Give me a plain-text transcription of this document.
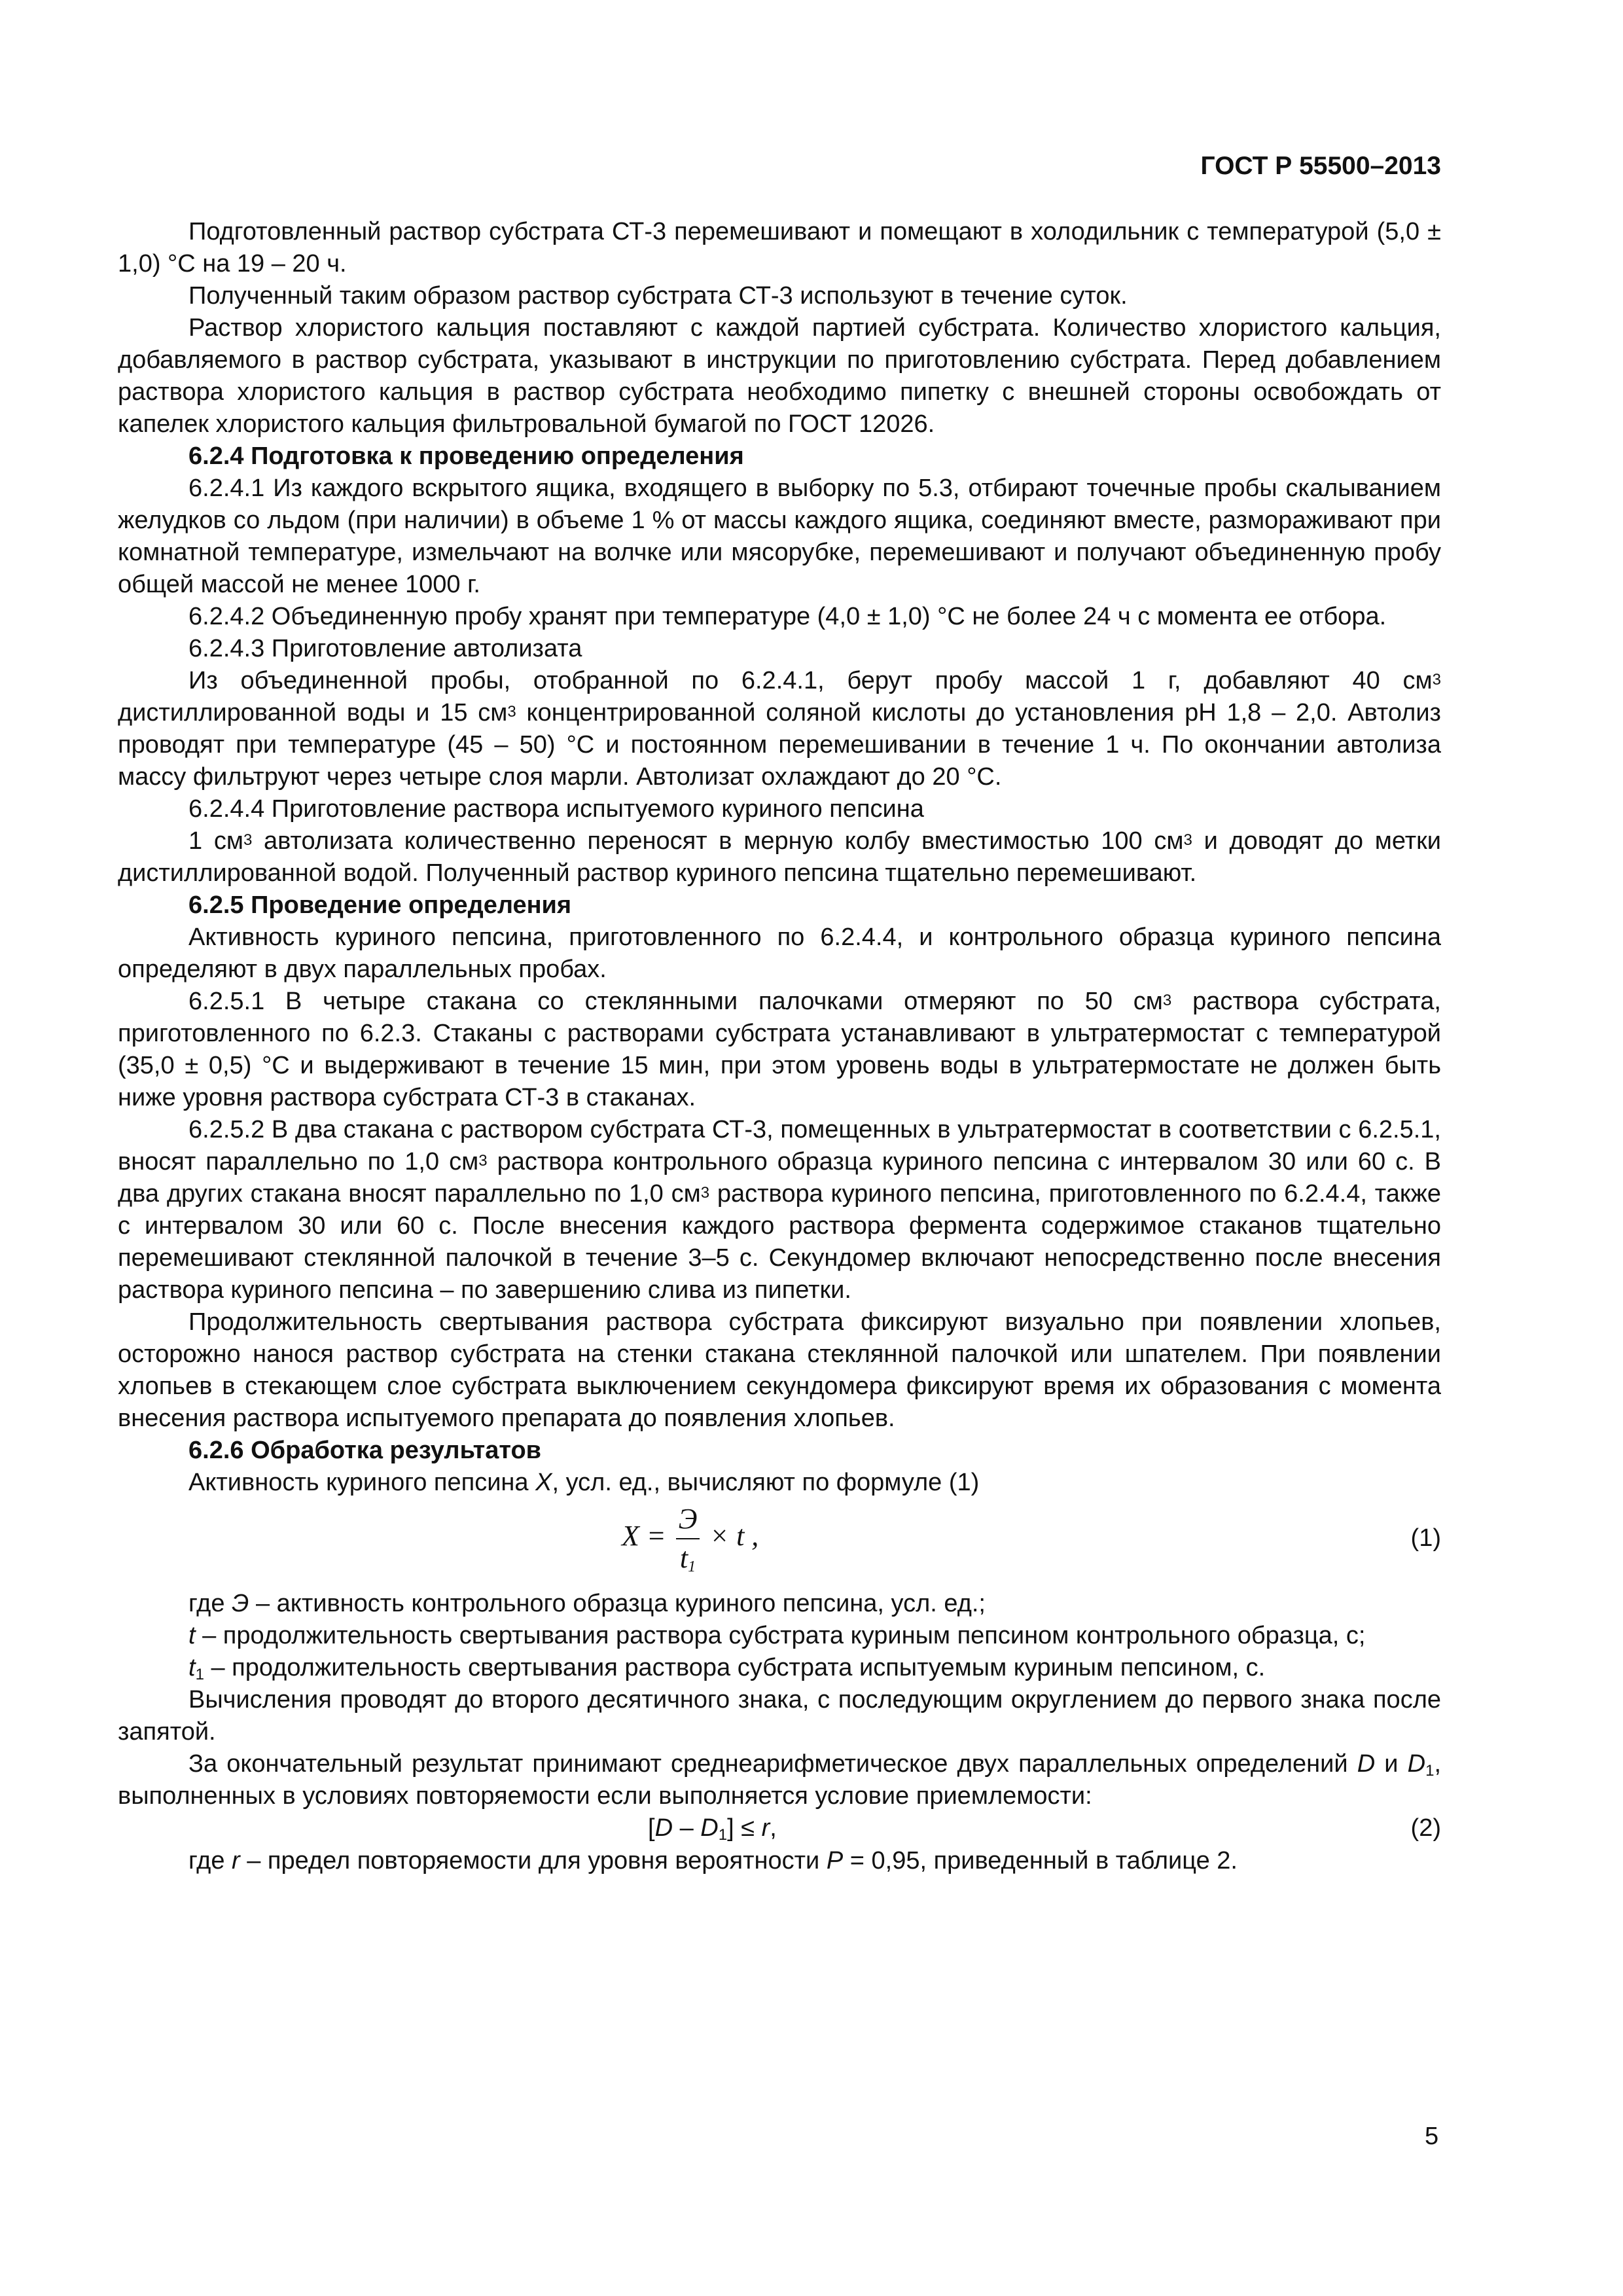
ГОСТ Р 55500–2013

Подготовленный раствор субстрата СТ-3 перемешивают и помещают в холодильник с температурой (5,0 ± 1,0) °С на 19 – 20 ч.

Полученный таким образом раствор субстрата СТ-3 используют в течение суток.

Раствор хлористого кальция поставляют с каждой партией субстрата. Количество хлористого кальция, добавляемого в раствор субстрата, указывают в инструкции по приготовлению субстрата. Перед добавлением раствора хлористого кальция в раствор субстрата необходимо пипетку с внешней стороны освобождать от капелек хлористого кальция фильтровальной бумагой по ГОСТ 12026.

6.2.4 Подготовка к проведению определения

6.2.4.1 Из каждого вскрытого ящика, входящего в выборку по 5.3, отбирают точечные пробы скалыванием желудков со льдом (при наличии) в объеме 1 % от массы каждого ящика, соединяют вместе, размораживают при комнатной температуре, измельчают на волчке или мясорубке, перемешивают и получают объединенную пробу общей массой не менее 1000 г.

6.2.4.2 Объединенную пробу хранят при температуре (4,0 ± 1,0) °С не более 24 ч с момента ее отбора.

6.2.4.3 Приготовление автолизата

Из объединенной пробы, отобранной по 6.2.4.1, берут пробу массой 1 г, добавляют 40 $см^3$ дистиллированной воды и 15 $см^3$ концентрированной соляной кислоты до установления pH 1,8 – 2,0. Автолиз проводят при температуре (45 – 50) °С и постоянном перемешивании в течение 1 ч. По окончании автолиза массу фильтруют через четыре слоя марли. Автолизат охлаждают до 20 °С.

6.2.4.4 Приготовление раствора испытуемого куриного пепсина

1 $см^3$ автолизата количественно переносят в мерную колбу вместимостью 100 $см^3$ и доводят до метки дистиллированной водой. Полученный раствор куриного пепсина тщательно перемешивают.

6.2.5 Проведение определения

Активность куриного пепсина, приготовленного по 6.2.4.4, и контрольного образца куриного пепсина определяют в двух параллельных пробах.

6.2.5.1 В четыре стакана со стеклянными палочками отмеряют по 50 $см^3$ раствора субстрата, приготовленного по 6.2.3. Стаканы с растворами субстрата устанавливают в ультратермостат с температурой (35,0 ± 0,5) °С и выдерживают в течение 15 мин, при этом уровень воды в ультратермостате не должен быть ниже уровня раствора субстрата СТ-3 в стаканах.

6.2.5.2 В два стакана с раствором субстрата СТ-3, помещенных в ультратермостат в соответствии с 6.2.5.1, вносят параллельно по 1,0 $см^3$ раствора контрольного образца куриного пепсина с интервалом 30 или 60 с. В два других стакана вносят параллельно по 1,0 $см^3$ раствора куриного пепсина, приготовленного по 6.2.4.4, также с интервалом 30 или 60 с. После внесения каждого раствора фермента содержимое стаканов тщательно перемешивают стеклянной палочкой в течение 3–5 с. Секундомер включают непосредственно после внесения раствора куриного пепсина – по завершению слива из пипетки.

Продолжительность свертывания раствора субстрата фиксируют визуально при появлении хлопьев, осторожно нанося раствор субстрата на стенки стакана стеклянной палочкой или шпателем. При появлении хлопьев в стекающем слое субстрата выключением секундомера фиксируют время их образования с момента внесения раствора испытуемого препарата до появления хлопьев.

6.2.6 Обработка результатов

Активность куриного пепсина X, усл. ед., вычисляют по формуле (1)

$X = \frac{Э}{t_1} \times t$ ,	(1)

где Э – активность контрольного образца куриного пепсина, усл. ед.;

t – продолжительность свертывания раствора субстрата куриным пепсином контрольного образца, с;

$t_1$ – продолжительность свертывания раствора субстрата испытуемым куриным пепсином, с.

Вычисления проводят до второго десятичного знака, с последующим округлением до первого знака после запятой.

За окончательный результат принимают среднеарифметическое двух параллельных определений D и $D_1$, выполненных в условиях повторяемости если выполняется условие приемлемости:

$[D - D_1] \le r$,	(2)

где r – предел повторяемости для уровня вероятности P = 0,95, приведенный в таблице 2.

5
